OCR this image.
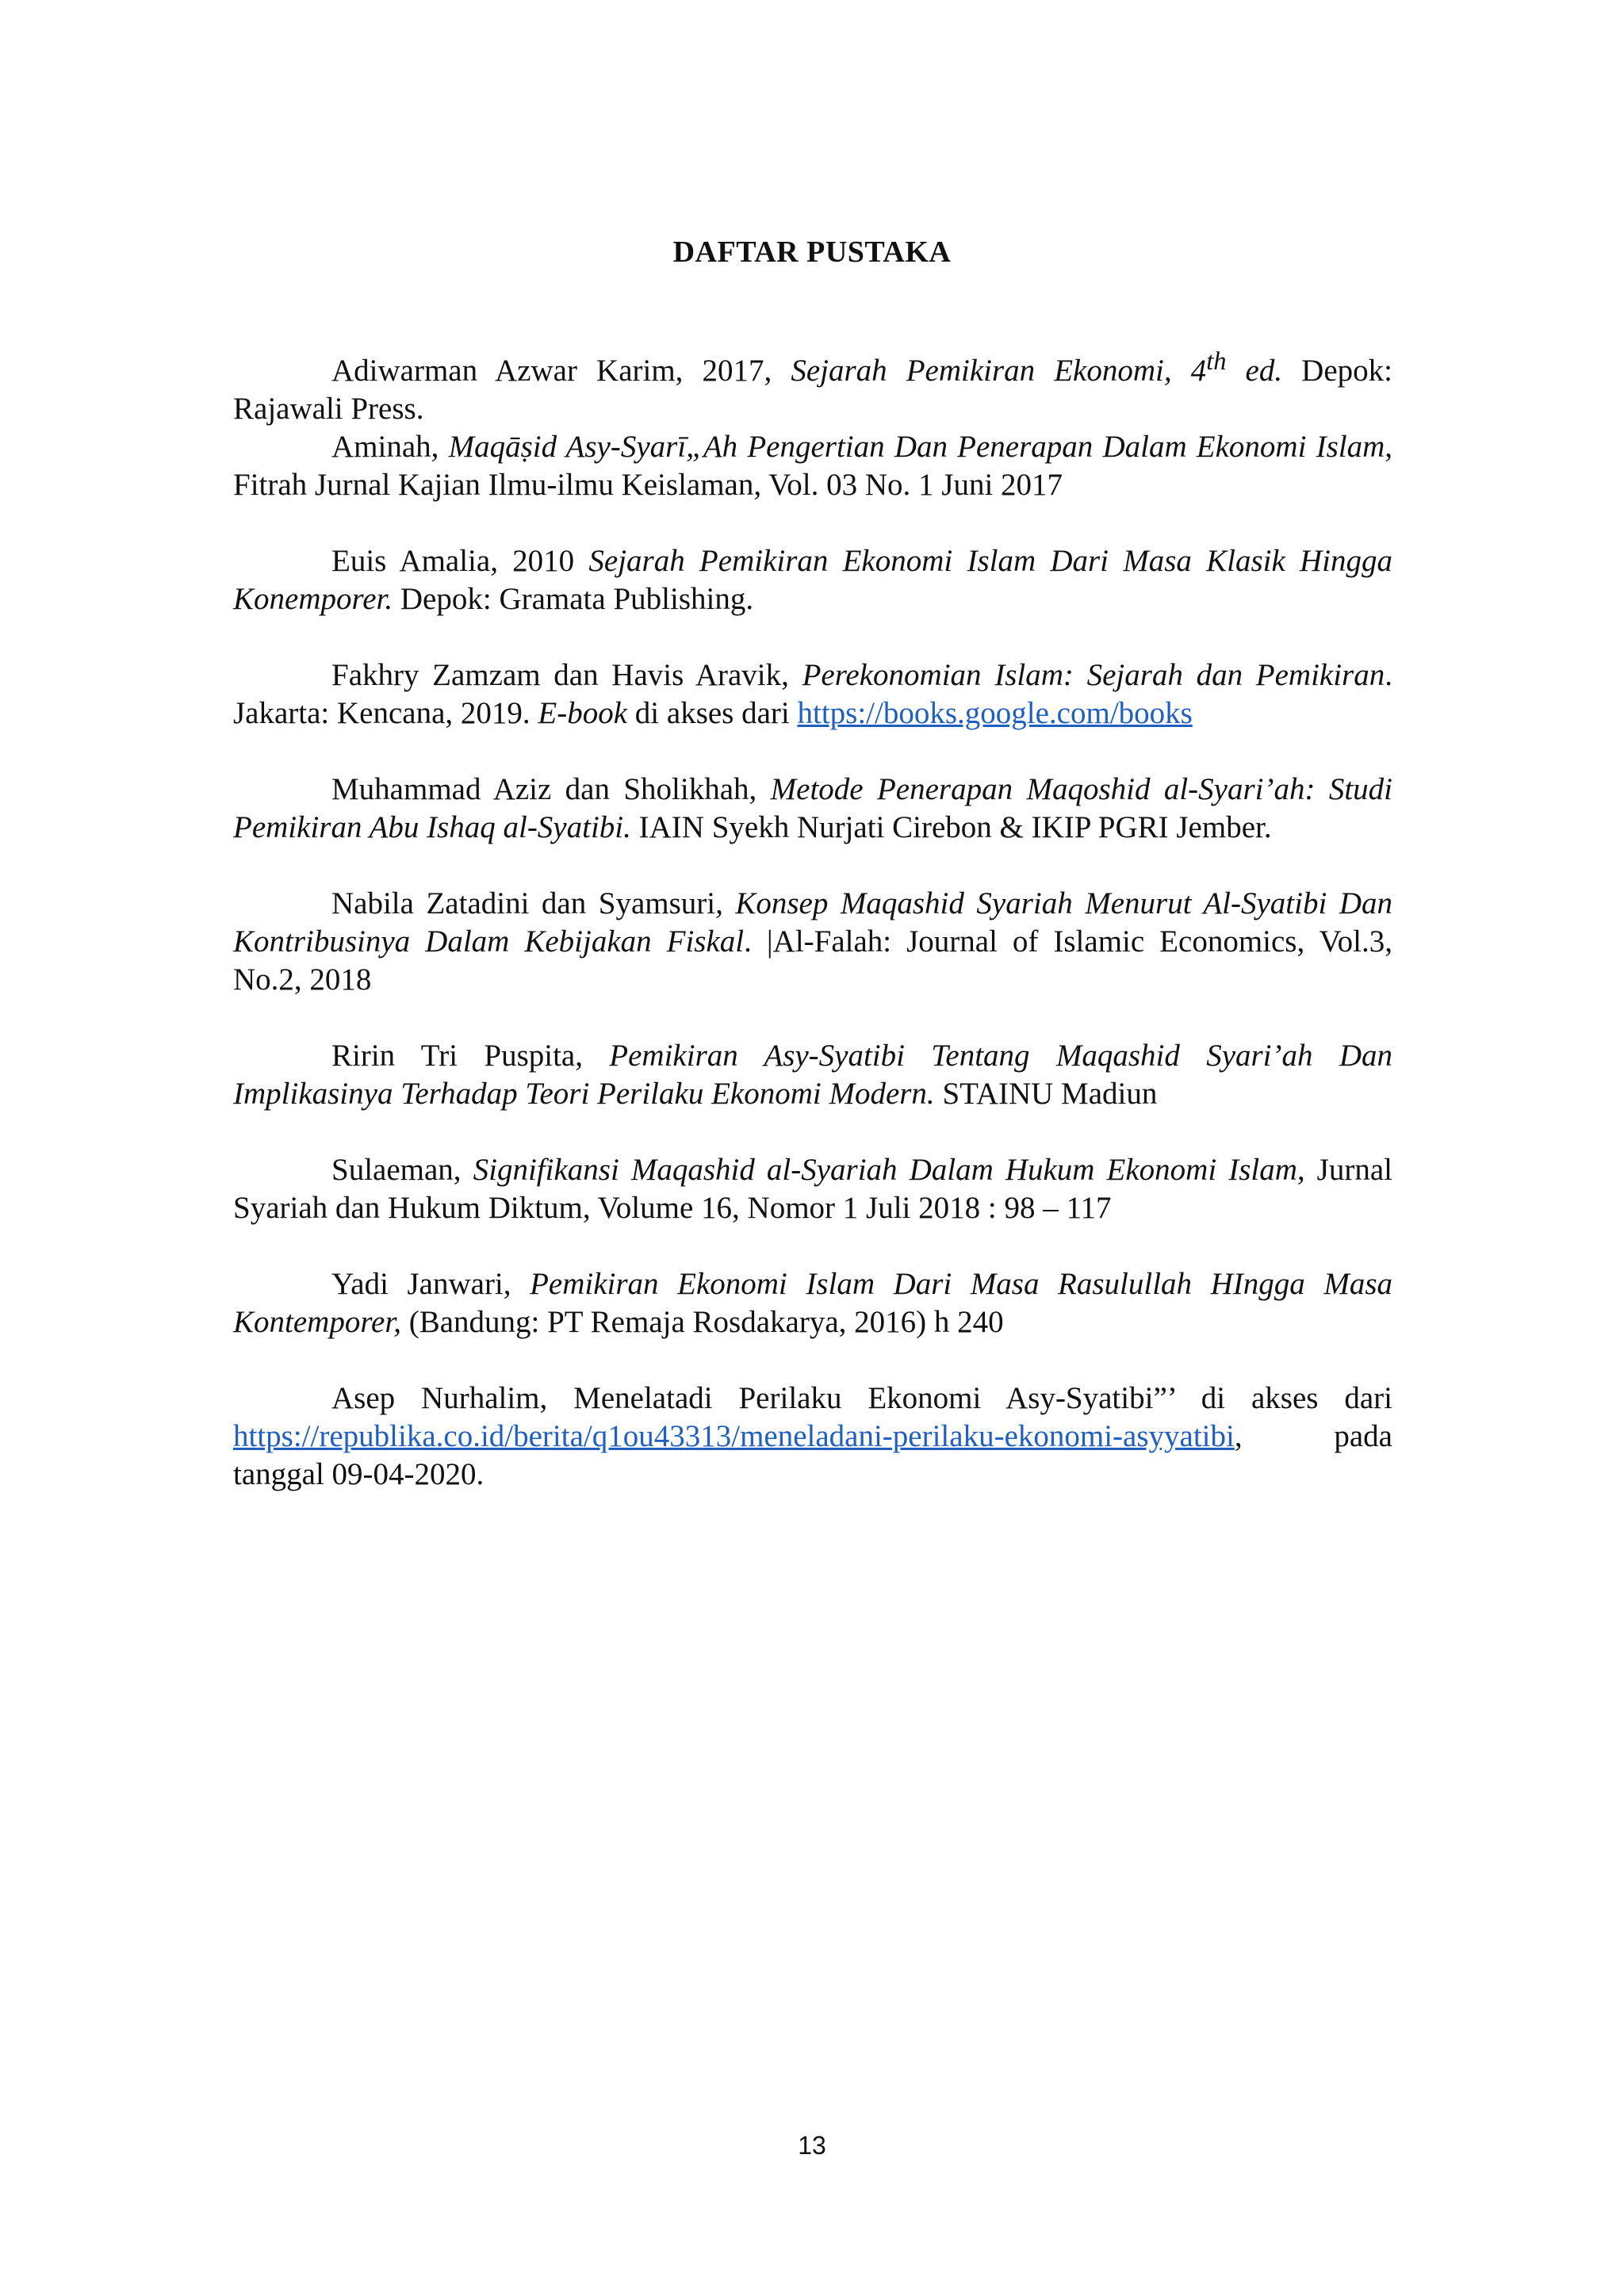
DAFTAR PUSTAKA

Adiwarman Azwar Karim, 2017, Sejarah Pemikiran Ekonomi, 4th ed. Depok: Rajawali Press.

Aminah, Maqāṣid Asy-Syarī„Ah Pengertian Dan Penerapan Dalam Ekonomi Islam, Fitrah Jurnal Kajian Ilmu-ilmu Keislaman, Vol. 03 No. 1 Juni 2017

Euis Amalia, 2010 Sejarah Pemikiran Ekonomi Islam Dari Masa Klasik Hingga Konemporer. Depok: Gramata Publishing.

Fakhry Zamzam dan Havis Aravik, Perekonomian Islam: Sejarah dan Pemikiran. Jakarta: Kencana, 2019. E-book di akses dari https://books.google.com/books

Muhammad Aziz dan Sholikhah, Metode Penerapan Maqoshid al-Syari’ah: Studi Pemikiran Abu Ishaq al-Syatibi. IAIN Syekh Nurjati Cirebon & IKIP PGRI Jember.

Nabila Zatadini dan Syamsuri, Konsep Maqashid Syariah Menurut Al-Syatibi Dan Kontribusinya Dalam Kebijakan Fiskal. |Al-Falah: Journal of Islamic Economics, Vol.3, No.2, 2018

Ririn Tri Puspita, Pemikiran Asy-Syatibi Tentang Maqashid Syari’ah Dan Implikasinya Terhadap Teori Perilaku Ekonomi Modern. STAINU Madiun

Sulaeman, Signifikansi Maqashid al-Syariah Dalam Hukum Ekonomi Islam, Jurnal Syariah dan Hukum Diktum, Volume 16, Nomor 1 Juli 2018 : 98 – 117

Yadi Janwari, Pemikiran Ekonomi Islam Dari Masa Rasulullah HIngga Masa Kontemporer, (Bandung: PT Remaja Rosdakarya, 2016) h 240

Asep Nurhalim, Menelatadi Perilaku Ekonomi Asy-Syatibi”’ di akses dari https://republika.co.id/berita/q1ou43313/meneladani-perilaku-ekonomi-asyyatibi, pada tanggal 09-04-2020.

13
